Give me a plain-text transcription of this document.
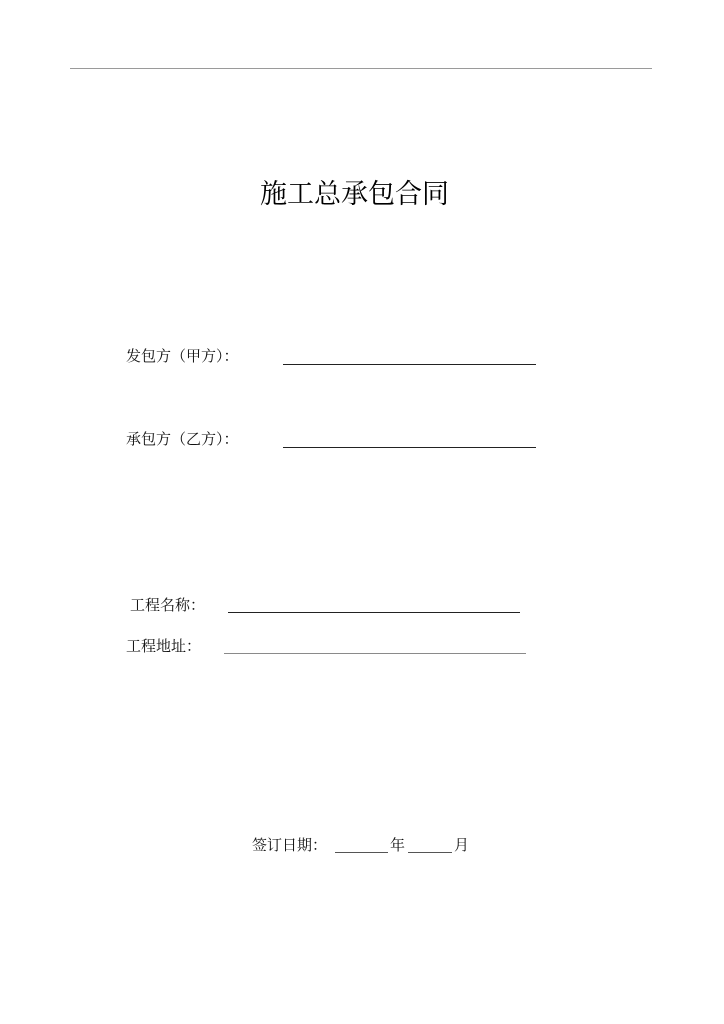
施工总承包合同
发包方（甲方）：
承包方（乙方）：
工程名称：
工程地址：
签订日期：	年	月
